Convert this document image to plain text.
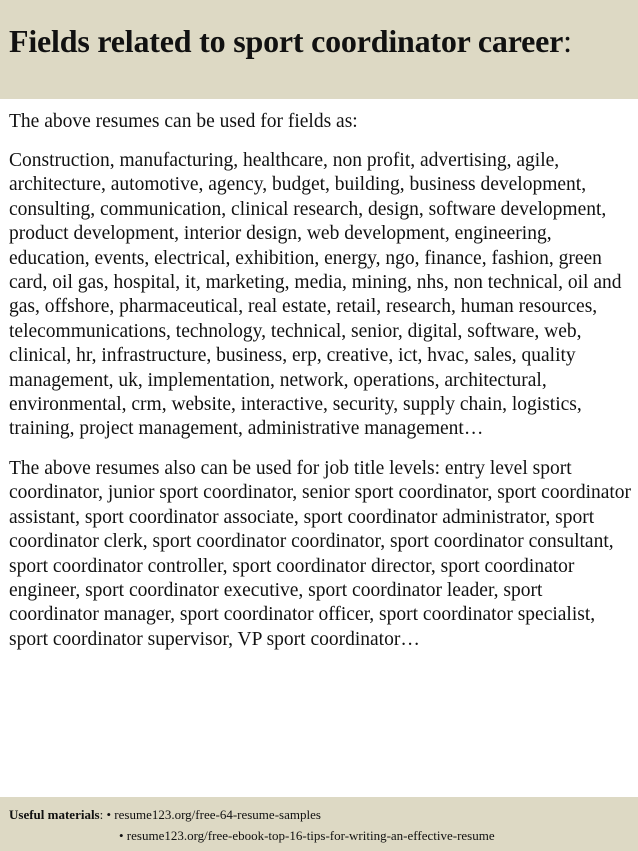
Fields related to sport coordinator career:

The above resumes can be used for fields as:

Construction, manufacturing, healthcare, non profit, advertising, agile, architecture, automotive, agency, budget, building, business development, consulting, communication, clinical research, design, software development, product development, interior design, web development, engineering, education, events, electrical, exhibition, energy, ngo, finance, fashion, green card, oil gas, hospital, it, marketing, media, mining, nhs, non technical, oil and gas, offshore, pharmaceutical, real estate, retail, research, human resources, telecommunications, technology, technical, senior, digital, software, web, clinical, hr, infrastructure, business, erp, creative, ict, hvac, sales, quality management, uk, implementation, network, operations, architectural, environmental, crm, website, interactive, security, supply chain, logistics, training, project management, administrative management…

The above resumes also can be used for job title levels: entry level sport coordinator, junior sport coordinator, senior sport coordinator, sport coordinator assistant, sport coordinator associate, sport coordinator administrator, sport coordinator clerk, sport coordinator coordinator, sport coordinator consultant, sport coordinator controller, sport coordinator director, sport coordinator engineer, sport coordinator executive, sport coordinator leader, sport coordinator manager, sport coordinator officer, sport coordinator specialist, sport coordinator supervisor, VP sport coordinator…

Useful materials: • resume123.org/free-64-resume-samples
• resume123.org/free-ebook-top-16-tips-for-writing-an-effective-resume
